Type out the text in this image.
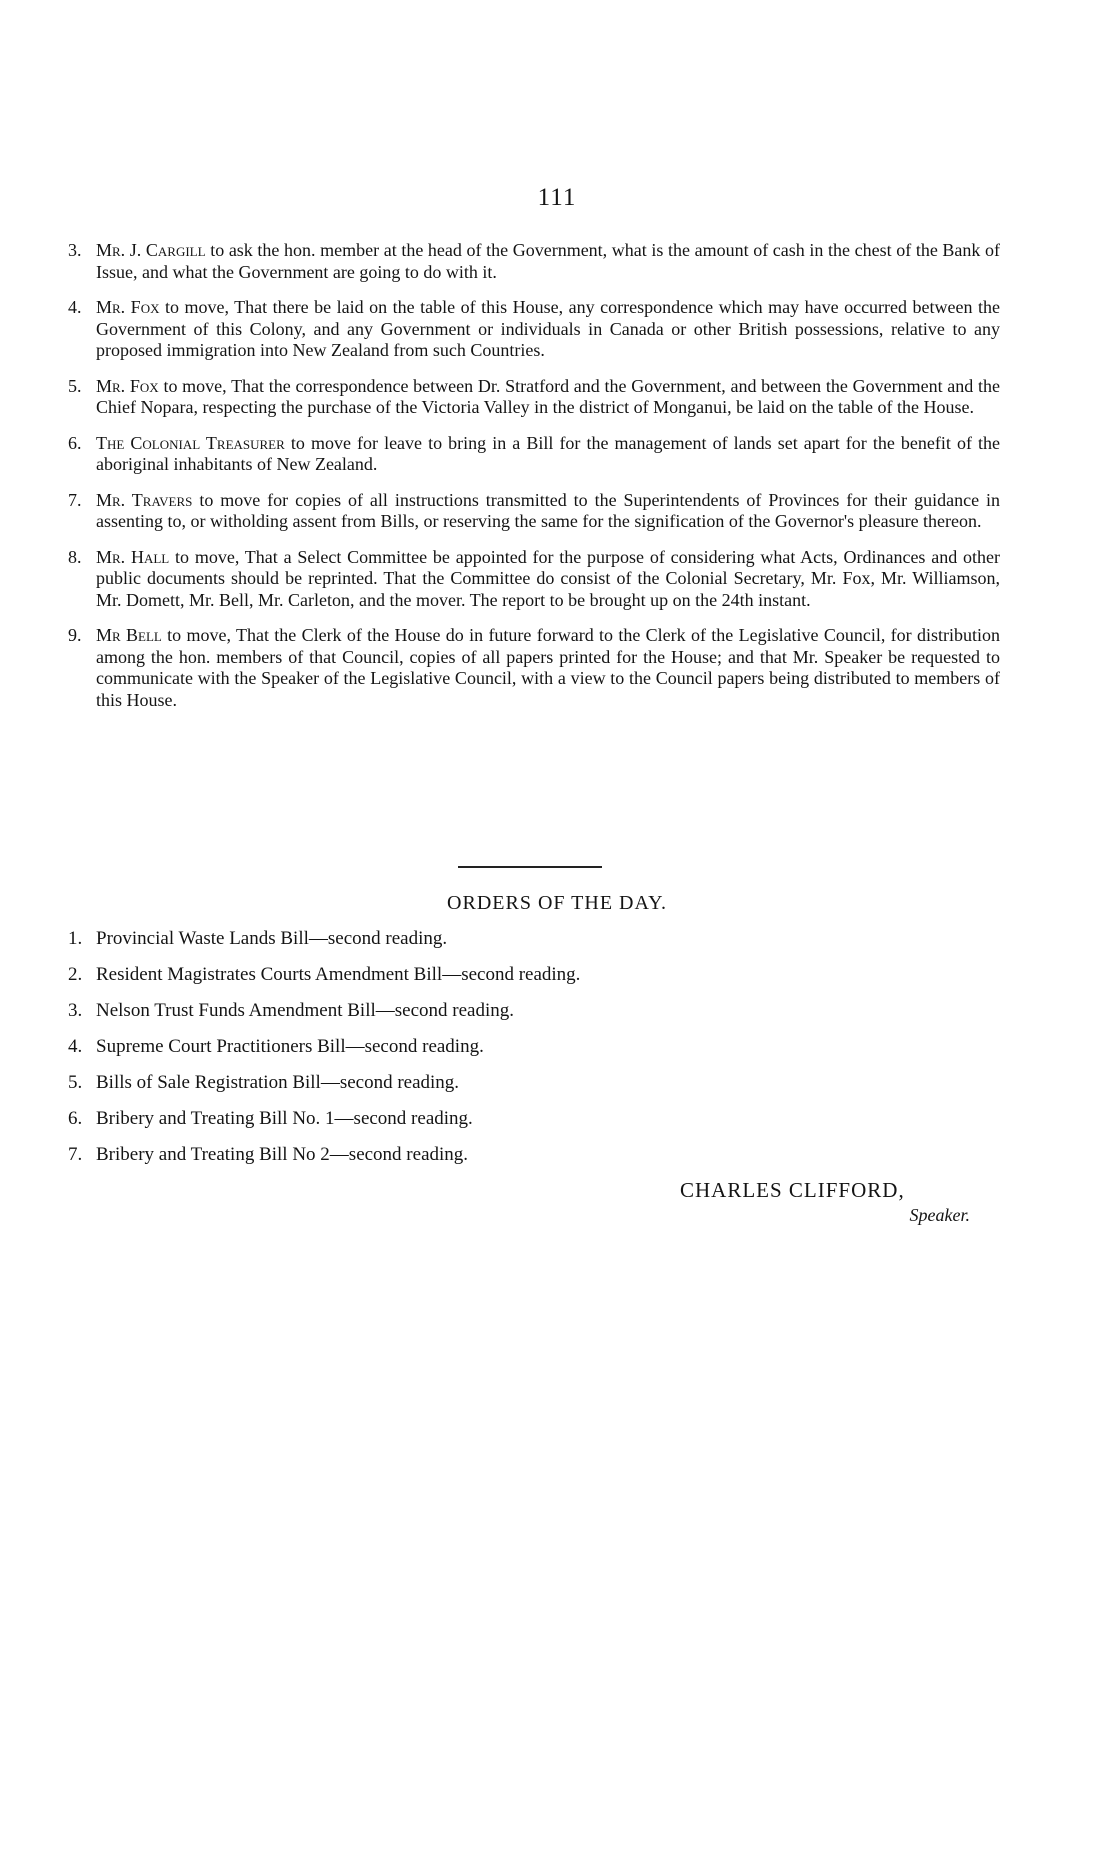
111
3. Mr. J. Cargill to ask the hon. member at the head of the Government, what is the amount of cash in the chest of the Bank of Issue, and what the Government are going to do with it.
4. Mr. Fox to move, That there be laid on the table of this House, any correspondence which may have occurred between the Government of this Colony, and any Government or individuals in Canada or other British possessions, relative to any proposed immigration into New Zealand from such Countries.
5. Mr. Fox to move, That the correspondence between Dr. Stratford and the Government, and between the Government and the Chief Nopara, respecting the purchase of the Victoria Valley in the district of Monganui, be laid on the table of the House.
6. The Colonial Treasurer to move for leave to bring in a Bill for the management of lands set apart for the benefit of the aboriginal inhabitants of New Zealand.
7. Mr. Travers to move for copies of all instructions transmitted to the Superintendents of Provinces for their guidance in assenting to, or witholding assent from Bills, or reserving the same for the signification of the Governor's pleasure thereon.
8. Mr. Hall to move, That a Select Committee be appointed for the purpose of considering what Acts, Ordinances and other public documents should be reprinted. That the Committee do consist of the Colonial Secretary, Mr. Fox, Mr. Williamson, Mr. Domett, Mr. Bell, Mr. Carleton, and the mover. The report to be brought up on the 24th instant.
9. Mr Bell to move, That the Clerk of the House do in future forward to the Clerk of the Legislative Council, for distribution among the hon. members of that Council, copies of all papers printed for the House; and that Mr. Speaker be requested to communicate with the Speaker of the Legislative Council, with a view to the Council papers being distributed to members of this House.
ORDERS OF THE DAY.
1. Provincial Waste Lands Bill—second reading.
2. Resident Magistrates Courts Amendment Bill—second reading.
3. Nelson Trust Funds Amendment Bill—second reading.
4. Supreme Court Practitioners Bill—second reading.
5. Bills of Sale Registration Bill—second reading.
6. Bribery and Treating Bill No. 1—second reading.
7. Bribery and Treating Bill No 2—second reading.
CHARLES CLIFFORD,
Speaker.
